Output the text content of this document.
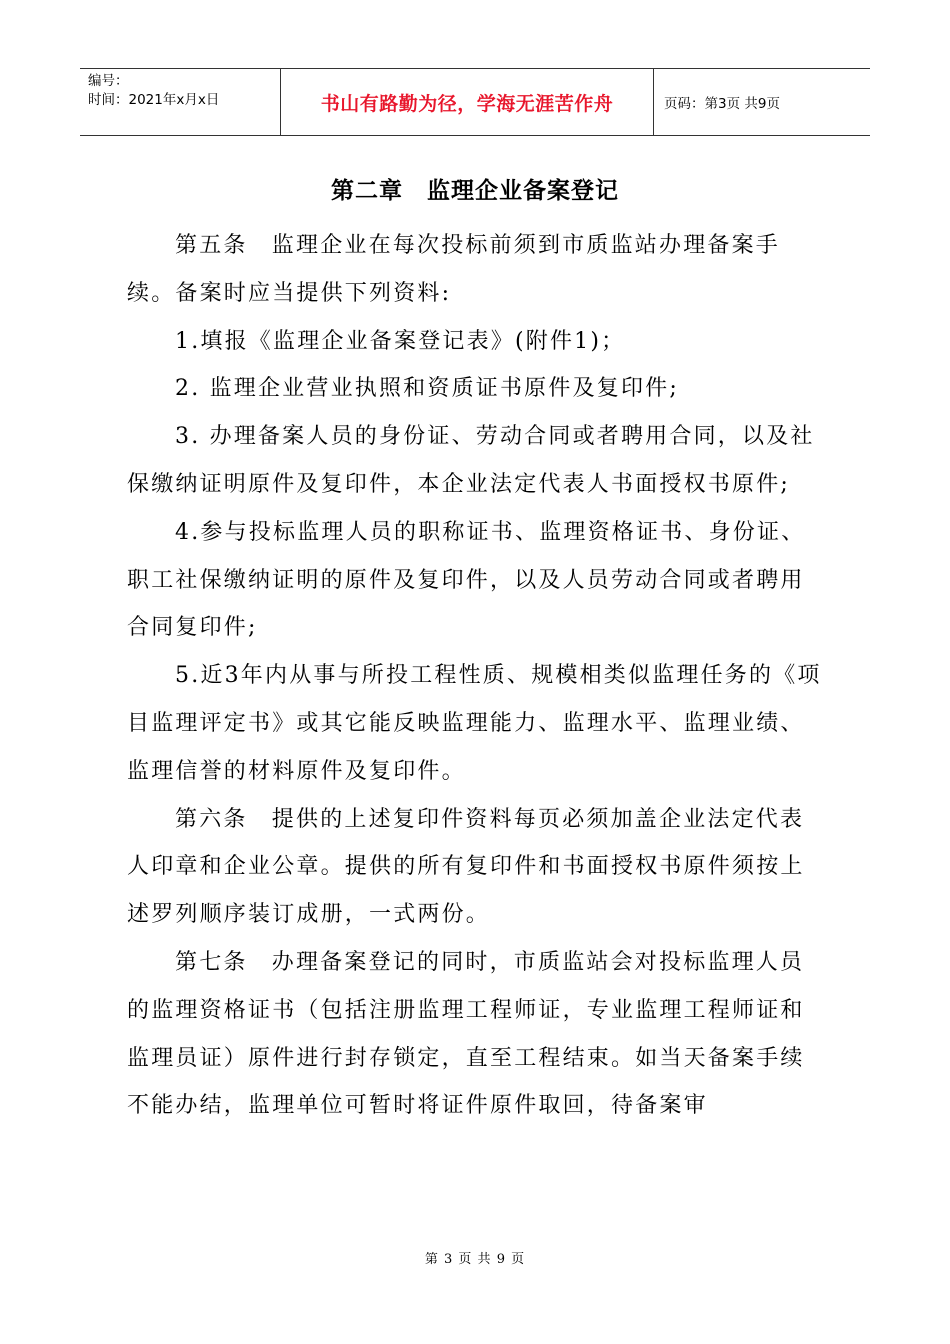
编号：
时间：2021年x月x日	书山有路勤为径，学海无涯苦作舟	页码：第3页 共9页
第二章　监理企业备案登记

第五条　监理企业在每次投标前须到市质监站办理备案手续。备案时应当提供下列资料:

1.填报《监理企业备案登记表》(附件1)；

2. 监理企业营业执照和资质证书原件及复印件;

3. 办理备案人员的身份证、劳动合同或者聘用合同，以及社保缴纳证明原件及复印件，本企业法定代表人书面授权书原件;

4.参与投标监理人员的职称证书、监理资格证书、身份证、职工社保缴纳证明的原件及复印件，以及人员劳动合同或者聘用合同复印件;

5.近3年内从事与所投工程性质、规模相类似监理任务的《项目监理评定书》或其它能反映监理能力、监理水平、监理业绩、监理信誉的材料原件及复印件。

第六条　提供的上述复印件资料每页必须加盖企业法定代表人印章和企业公章。提供的所有复印件和书面授权书原件须按上述罗列顺序装订成册，一式两份。

第七条　办理备案登记的同时，市质监站会对投标监理人员的监理资格证书（包括注册监理工程师证，专业监理工程师证和监理员证）原件进行封存锁定，直至工程结束。如当天备案手续不能办结，监理单位可暂时将证件原件取回，待备案审

第 3 页 共 9 页
